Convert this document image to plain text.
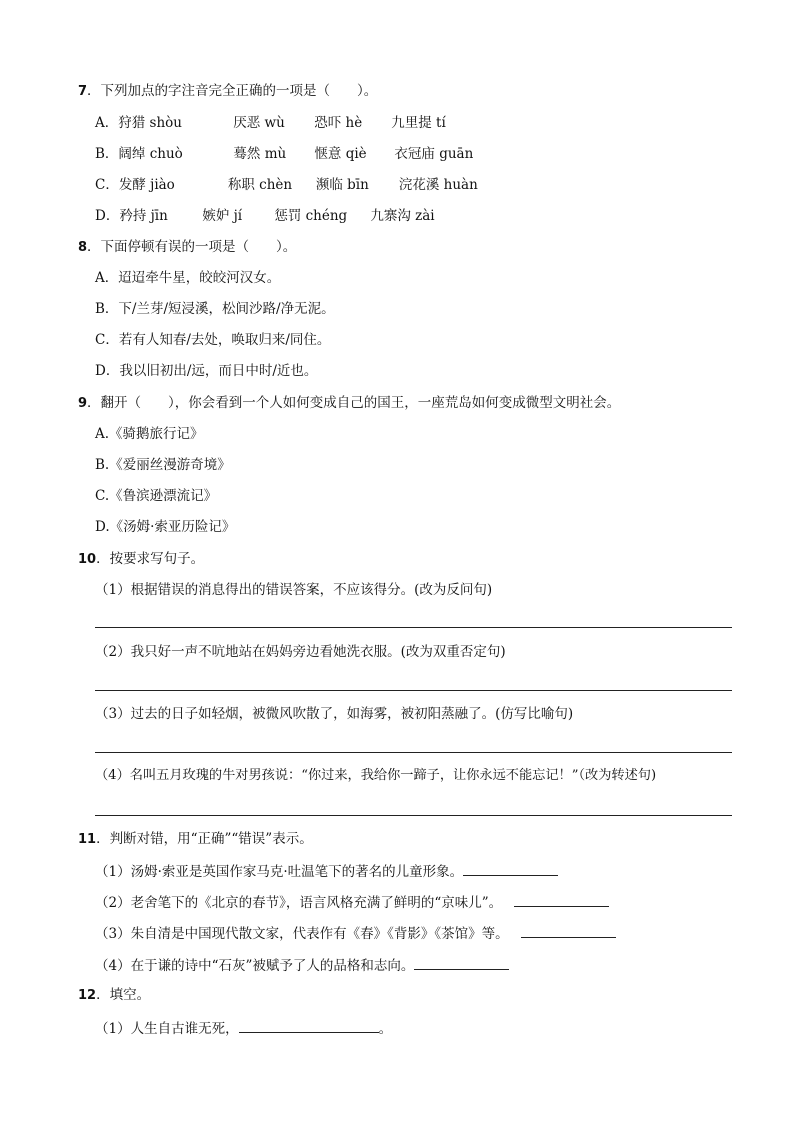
7．下列加点的字注音完全正确的一项是（　　）。
A．狩猎 shòu	厌恶 wù 恐吓 hè 九里提 tí
B．阔绰 chuò	蓦然 mù 惬意 qiè 衣冠庙 guān
C．发酵 jiào	称职 chèn 濒临 bīn 浣花溪 huàn
D．矜持 jīn	嫉妒 jí 惩罚 chéng 九寨沟 zài
8．下面停顿有误的一项是（　　）。
A．迢迢牵牛星，皎皎河汉女。
B．下/兰芽/短浸溪，松间沙路/净无泥。
C．若有人知春/去处，唤取归来/同住。
D．我以旧初出/远，而日中时/近也。
9．翻开（　　），你会看到一个人如何变成自己的国王，一座荒岛如何变成微型文明社会。
A.《骑鹅旅行记》
B.《爱丽丝漫游奇境》
C.《鲁滨逊漂流记》
D.《汤姆·索亚历险记》
10．按要求写句子。
（1）根据错误的消息得出的错误答案，不应该得分。(改为反问句)
（2）我只好一声不吭地站在妈妈旁边看她洗衣服。(改为双重否定句)
（3）过去的日子如轻烟，被微风吹散了，如海雾，被初阳蒸融了。(仿写比喻句)
（4）名叫五月玫瑰的牛对男孩说：“你过来，我给你一蹄子，让你永远不能忘记！”（改为转述句)
11．判断对错，用“正确”“错误”表示。
（1）汤姆·索亚是英国作家马克·吐温笔下的著名的儿童形象。
（2）老舍笔下的《北京的春节》，语言风格充满了鲜明的“京味儿”。
（3）朱自清是中国现代散文家，代表作有《春》《背影》《茶馆》等。
（4）在于谦的诗中“石灰”被赋予了人的品格和志向。
12．填空。
（1）人生自古谁无死，	。
